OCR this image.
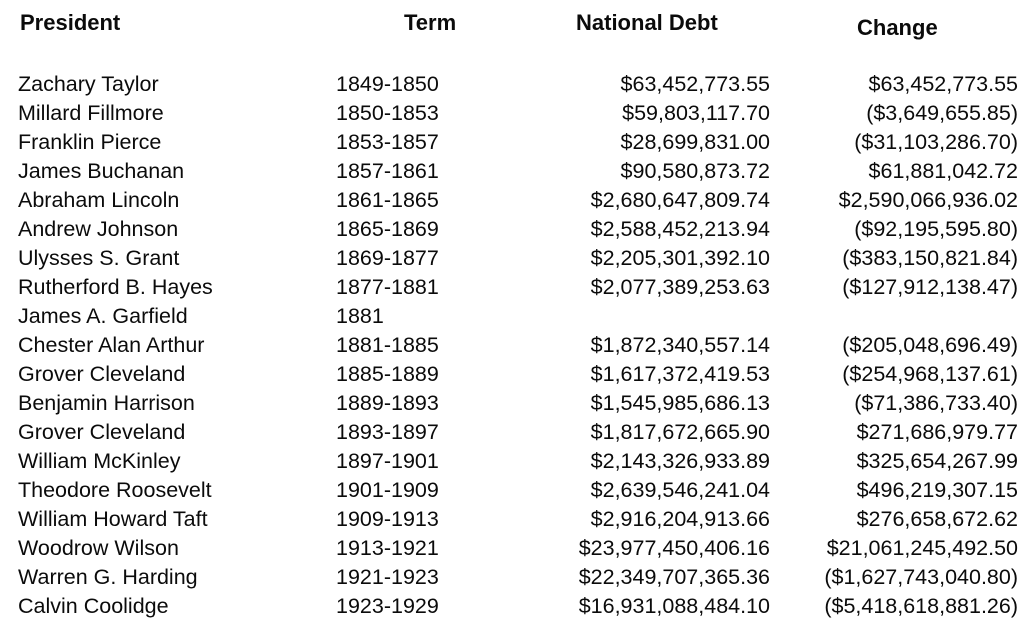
President	Term	National Debt	Change
Zachary Taylor	1849-1850	$63,452,773.55	$63,452,773.55
Millard Fillmore	1850-1853	$59,803,117.70	($3,649,655.85)
Franklin Pierce	1853-1857	$28,699,831.00	($31,103,286.70)
James Buchanan	1857-1861	$90,580,873.72	$61,881,042.72
Abraham Lincoln	1861-1865	$2,680,647,809.74	$2,590,066,936.02
Andrew Johnson	1865-1869	$2,588,452,213.94	($92,195,595.80)
Ulysses S. Grant	1869-1877	$2,205,301,392.10	($383,150,821.84)
Rutherford B. Hayes	1877-1881	$2,077,389,253.63	($127,912,138.47)
James A. Garfield	1881
Chester Alan Arthur	1881-1885	$1,872,340,557.14	($205,048,696.49)
Grover Cleveland	1885-1889	$1,617,372,419.53	($254,968,137.61)
Benjamin Harrison	1889-1893	$1,545,985,686.13	($71,386,733.40)
Grover Cleveland	1893-1897	$1,817,672,665.90	$271,686,979.77
William McKinley	1897-1901	$2,143,326,933.89	$325,654,267.99
Theodore Roosevelt	1901-1909	$2,639,546,241.04	$496,219,307.15
William Howard Taft	1909-1913	$2,916,204,913.66	$276,658,672.62
Woodrow Wilson	1913-1921	$23,977,450,406.16	$21,061,245,492.50
Warren G. Harding	1921-1923	$22,349,707,365.36	($1,627,743,040.80)
Calvin Coolidge	1923-1929	$16,931,088,484.10	($5,418,618,881.26)
